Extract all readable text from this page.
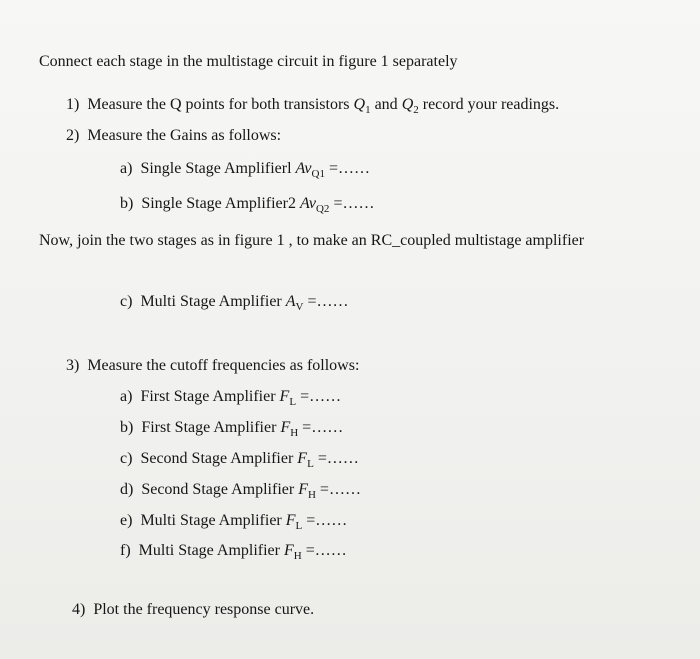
Connect each stage in the multistage circuit in figure 1 separately
1) Measure the Q points for both transistors $Q_1$ and $Q_2$ record your readings.
2) Measure the Gains as follows:
a) Single Stage Amplifierl $Av_{Q1}$ =……
b) Single Stage Amplifier2 $Av_{Q2}$ =……
Now, join the two stages as in figure 1 , to make an RC_coupled multistage amplifier
c) Multi Stage Amplifier $A_V$ =……
3) Measure the cutoff frequencies as follows:
a) First Stage Amplifier $F_L$ =……
b) First Stage Amplifier $F_H$ =……
c) Second Stage Amplifier $F_L$ =……
d) Second Stage Amplifier $F_H$ =……
e) Multi Stage Amplifier $F_L$ =……
f) Multi Stage Amplifier $F_H$ =……
4) Plot the frequency response curve.
